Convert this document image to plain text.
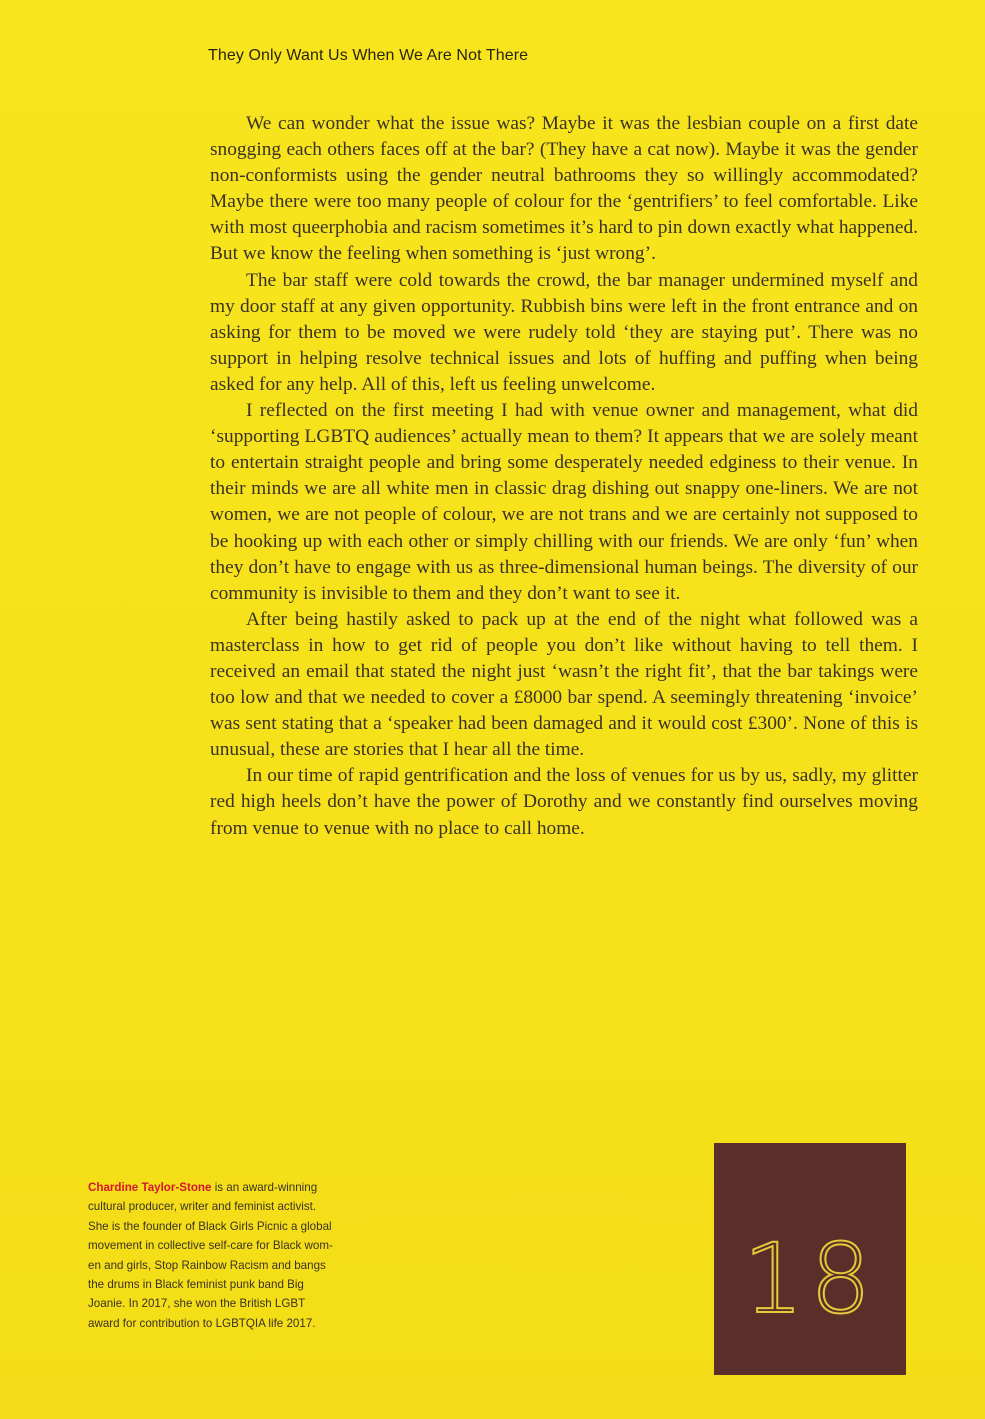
They Only Want Us When We Are Not There

We can wonder what the issue was? Maybe it was the lesbian couple on a first date snogging each others faces off at the bar? (They have a cat now). Maybe it was the gender non-conformists using the gender neutral bathrooms they so willingly accommodated? Maybe there were too many people of colour for the ‘gentrifiers’ to feel comfortable. Like with most queerphobia and racism sometimes it’s hard to pin down exactly what happened. But we know the feeling when something is ‘just wrong’.

The bar staff were cold towards the crowd, the bar manager undermined myself and my door staff at any given opportunity. Rubbish bins were left in the front entrance and on asking for them to be moved we were rudely told ‘they are staying put’. There was no support in helping resolve technical issues and lots of huffing and puffing when being asked for any help. All of this, left us feeling unwelcome.

I reflected on the first meeting I had with venue owner and management, what did ‘supporting LGBTQ audiences’ actually mean to them? It appears that we are solely meant to entertain straight people and bring some desperately needed edginess to their venue. In their minds we are all white men in classic drag dishing out snappy one-liners. We are not women, we are not people of colour, we are not trans and we are certainly not supposed to be hooking up with each other or simply chilling with our friends. We are only ‘fun’ when they don’t have to engage with us as three-dimensional human beings. The diversity of our community is invisible to them and they don’t want to see it.

After being hastily asked to pack up at the end of the night what followed was a masterclass in how to get rid of people you don’t like without having to tell them. I received an email that stated the night just ‘wasn’t the right fit’, that the bar takings were too low and that we needed to cover a £8000 bar spend. A seemingly threatening ‘invoice’ was sent stating that a ‘speaker had been damaged and it would cost £300’. None of this is unusual, these are stories that I hear all the time.

In our time of rapid gentrification and the loss of venues for us by us, sadly, my glitter red high heels don’t have the power of Dorothy and we constantly find ourselves moving from venue to venue with no place to call home.

Chardine Taylor-Stone is an award-winning cultural producer, writer and feminist activist. She is the founder of Black Girls Picnic a global movement in collective self-care for Black women and girls, Stop Rainbow Racism and bangs the drums in Black feminist punk band Big Joanie. In 2017, she won the British LGBT award for contribution to LGBTQIA life 2017.	18
